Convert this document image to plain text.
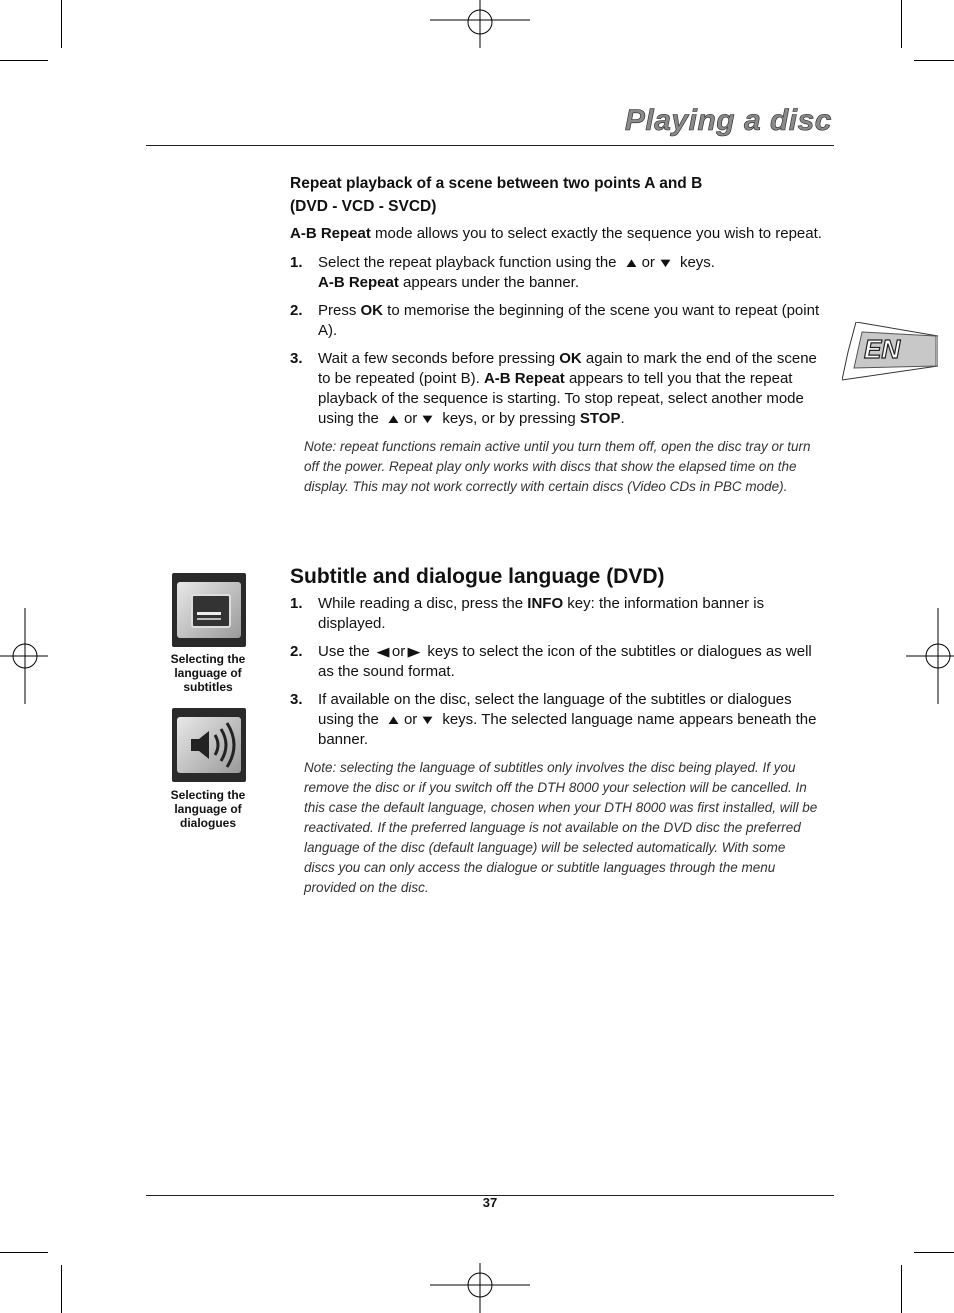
Playing a disc
EN
Repeat playback of a scene between two points A and B
(DVD - VCD - SVCD)

A-B Repeat mode allows you to select exactly the sequence you wish to repeat.

1. Select the repeat playback function using the ▲ or ▼ keys.
A-B Repeat appears under the banner.
2. Press OK to memorise the beginning of the scene you want to repeat (point A).
3. Wait a few seconds before pressing OK again to mark the end of the scene to be repeated (point B). A-B Repeat appears to tell you that the repeat playback of the sequence is starting. To stop repeat, select another mode using the ▲ or ▼ keys, or by pressing STOP.
Note: repeat functions remain active until you turn them off, open the disc tray or turn off the power. Repeat play only works with discs that show the elapsed time on the display. This may not work correctly with certain discs (Video CDs in PBC mode).
Selecting the language of subtitles
Selecting the language of dialogues
Subtitle and dialogue language (DVD)
1. While reading a disc, press the INFO key: the information banner is displayed.
2. Use the ◀ or ▶ keys to select the icon of the subtitles or dialogues as well as the sound format.
3. If available on the disc, select the language of the subtitles or dialogues using the ▲ or ▼ keys. The selected language name appears beneath the banner.
Note: selecting the language of subtitles only involves the disc being played. If you remove the disc or if you switch off the DTH 8000 your selection will be cancelled. In this case the default language, chosen when your DTH 8000 was first installed, will be reactivated. If the preferred language is not available on the DVD disc the preferred language of the disc (default language) will be selected automatically. With some discs you can only access the dialogue or subtitle languages through the menu provided on the disc.
37
